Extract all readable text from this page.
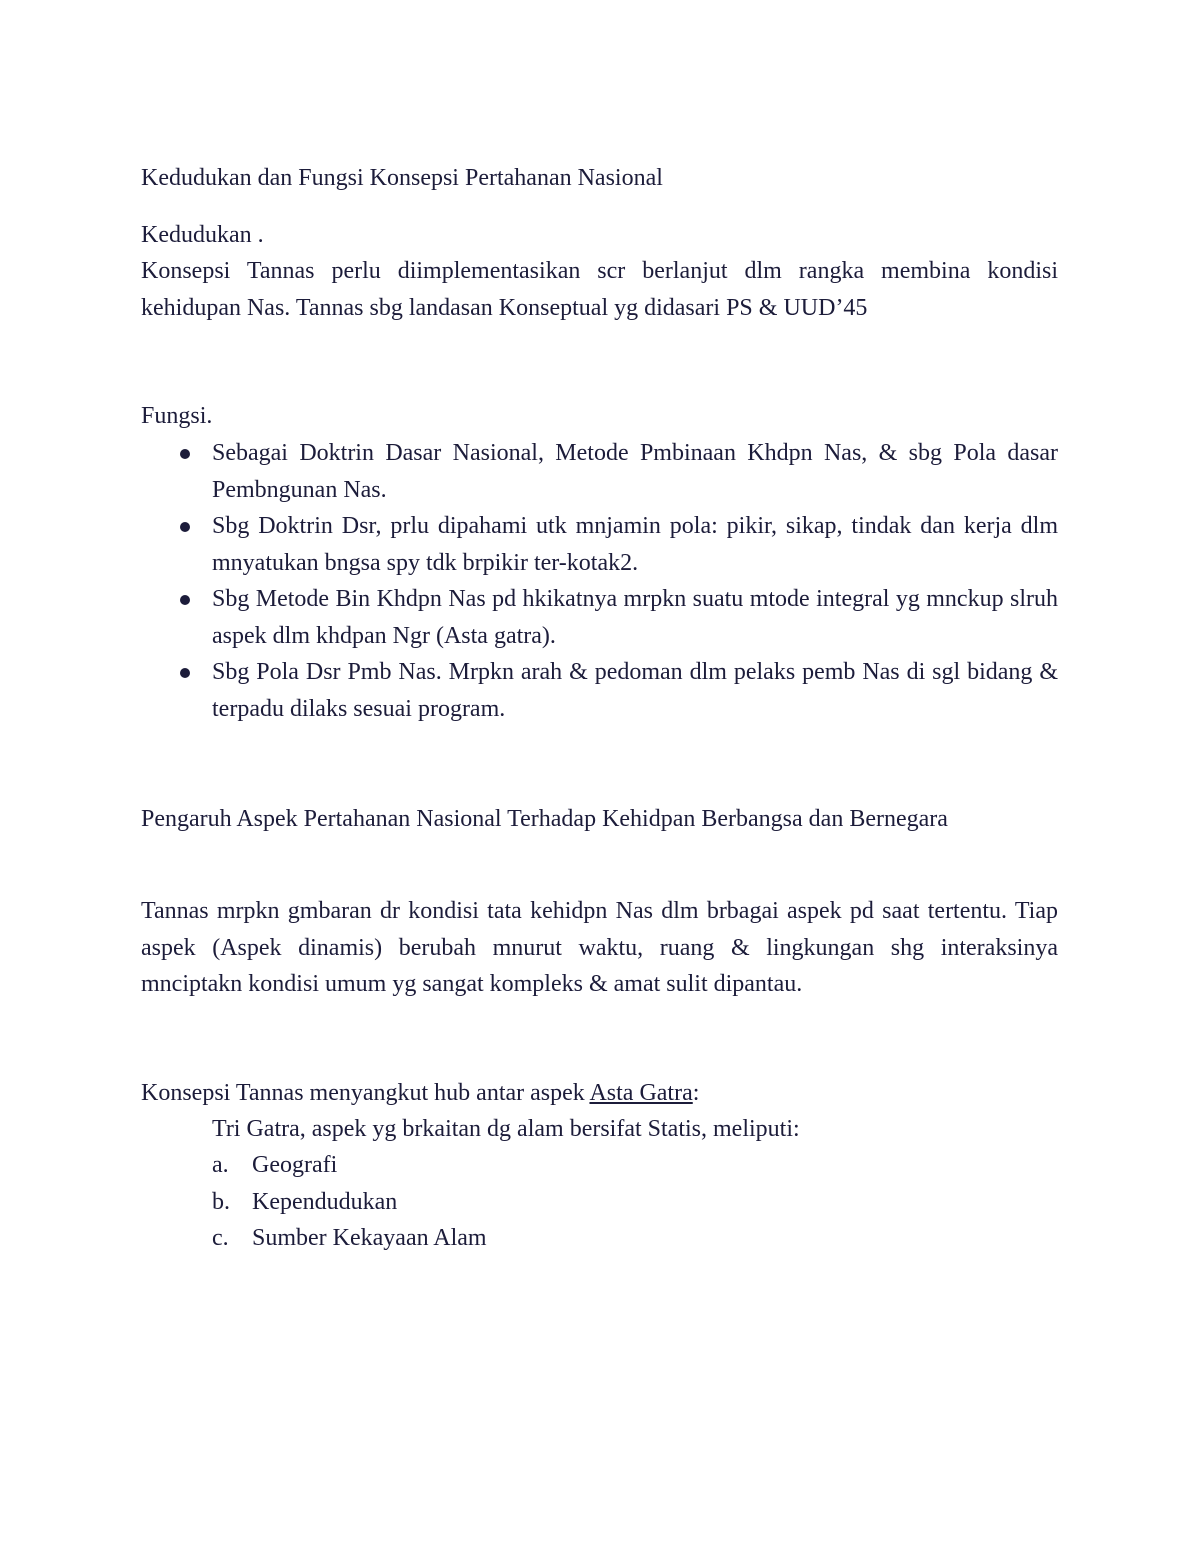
Kedudukan dan Fungsi Konsepsi Pertahanan Nasional

Kedudukan .

Konsepsi Tannas perlu diimplementasikan scr berlanjut dlm rangka membina kondisi kehidupan Nas. Tannas sbg landasan Konseptual yg didasari PS & UUD’45

Fungsi.

Sebagai Doktrin Dasar Nasional, Metode Pmbinaan Khdpn Nas, & sbg Pola dasar Pembngunan Nas.
Sbg Doktrin Dsr, prlu dipahami utk mnjamin pola: pikir, sikap, tindak dan kerja dlm mnyatukan bngsa spy tdk brpikir ter-kotak2.
Sbg Metode Bin Khdpn Nas pd hkikatnya mrpkn suatu mtode integral yg mnckup slruh aspek dlm khdpan Ngr (Asta gatra).
Sbg Pola Dsr Pmb Nas. Mrpkn arah & pedoman dlm pelaks pemb Nas di sgl bidang & terpadu dilaks sesuai program.

Pengaruh Aspek Pertahanan Nasional Terhadap Kehidpan Berbangsa dan Bernegara

Tannas mrpkn gmbaran dr kondisi tata kehidpn Nas dlm brbagai aspek pd saat tertentu. Tiap aspek (Aspek dinamis) berubah mnurut waktu, ruang & lingkungan shg interaksinya mnciptakn kondisi umum yg sangat kompleks & amat sulit dipantau.

Konsepsi Tannas menyangkut hub antar aspek Asta Gatra:

Tri Gatra, aspek yg brkaitan dg alam bersifat Statis, meliputi:

a. Geografi
b. Kependudukan
c. Sumber Kekayaan Alam
